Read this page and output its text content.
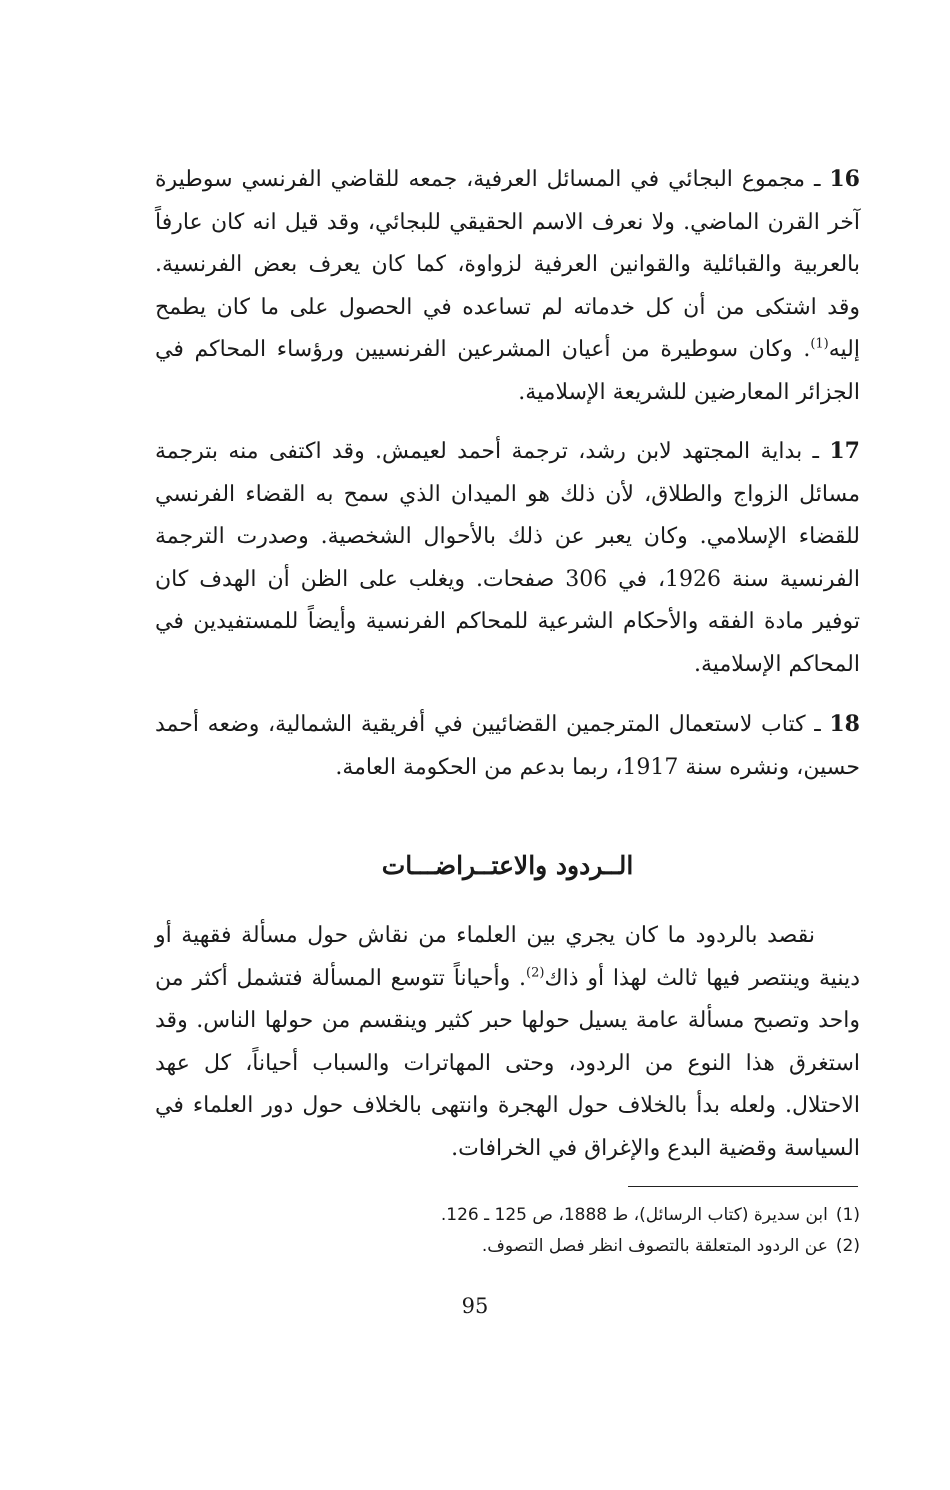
16 ـ مجموع البجائي في المسائل العرفية، جمعه للقاضي الفرنسي سوطيرة آخر القرن الماضي. ولا نعرف الاسم الحقيقي للبجائي، وقد قيل انه كان عارفاً بالعربية والقبائلية والقوانين العرفية لزواوة، كما كان يعرف بعض الفرنسية. وقد اشتكى من أن كل خدماته لم تساعده في الحصول على ما كان يطمح إليه$^{(1)}$. وكان سوطيرة من أعيان المشرعين الفرنسيين ورؤساء المحاكم في الجزائر المعارضين للشريعة الإسلامية.

17 ـ بداية المجتهد لابن رشد، ترجمة أحمد لعيمش. وقد اكتفى منه بترجمة مسائل الزواج والطلاق، لأن ذلك هو الميدان الذي سمح به القضاء الفرنسي للقضاء الإسلامي. وكان يعبر عن ذلك بالأحوال الشخصية. وصدرت الترجمة الفرنسية سنة 1926، في 306 صفحات. ويغلب على الظن أن الهدف كان توفير مادة الفقه والأحكام الشرعية للمحاكم الفرنسية وأيضاً للمستفيدين في المحاكم الإسلامية.

18 ـ كتاب لاستعمال المترجمين القضائيين في أفريقية الشمالية، وضعه أحمد حسين، ونشره سنة 1917، ربما بدعم من الحكومة العامة.

الــردود والاعتــراضـــات

نقصد بالردود ما كان يجري بين العلماء من نقاش حول مسألة فقهية أو دينية وينتصر فيها ثالث لهذا أو ذاك$^{(2)}$. وأحياناً تتوسع المسألة فتشمل أكثر من واحد وتصبح مسألة عامة يسيل حولها حبر كثير وينقسم من حولها الناس. وقد استغرق هذا النوع من الردود، وحتى المهاترات والسباب أحياناً، كل عهد الاحتلال. ولعله بدأ بالخلاف حول الهجرة وانتهى بالخلاف حول دور العلماء في السياسة وقضية البدع والإغراق في الخرافات.

(1)ابن سديرة (كتاب الرسائل)، ط 1888، ص 125 ـ 126.
(2)عن الردود المتعلقة بالتصوف انظر فصل التصوف.
95
